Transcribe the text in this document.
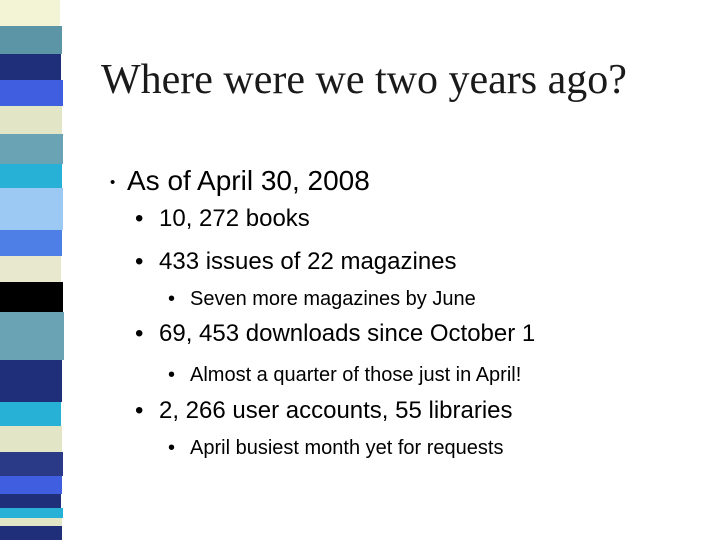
Where were we two years ago?
• As of April 30, 2008
• 10, 272 books
• 433 issues of 22 magazines
• Seven more magazines by June
• 69, 453 downloads since October 1
• Almost a quarter of those just in April!
• 2, 266 user accounts, 55 libraries
• April busiest month yet for requests
